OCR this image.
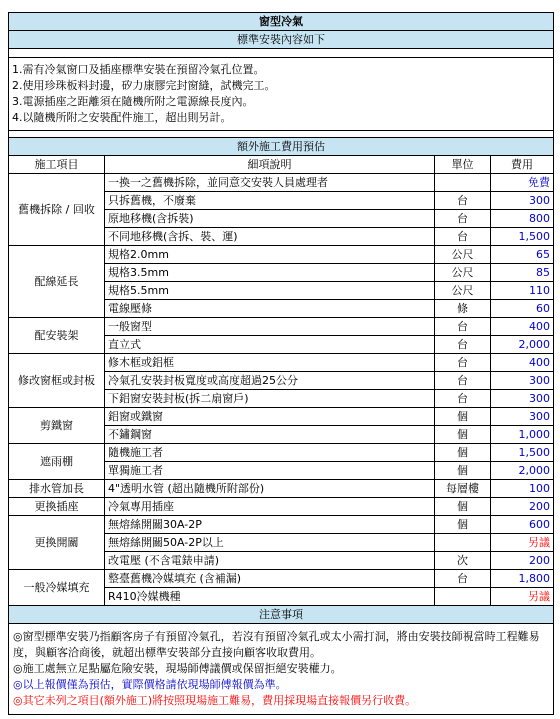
窗型冷氣			
標準安裝內容如下			

1.需有冷氣窗口及插座標準安裝在預留冷氣孔位置。
2.使用珍珠板料封邊，矽力康膠完封窗縫，試機完工。
3.電源插座之距離須在隨機所附之電源線長度內。
4.以隨機所附之安裝配件施工，超出則另計。			

額外施工費用預估			
施工項目	細項說明	單位	費用
舊機拆除 / 回收	一換一之舊機拆除，並同意交安裝人員處理者		免費
	只拆舊機，不廢棄	台	300
	原地移機(含拆裝)	台	800
	不同地移機(含拆、裝、運)	台	1,500
配線延長	規格2.0mm	公尺	65
	規格3.5mm	公尺	85
	規格5.5mm	公尺	110
	電線壓條	條	60
配安裝架	一般窗型	台	400
	直立式	台	2,000
修改窗框或封板	修木框或鋁框	台	400
	冷氣孔安裝封板寬度或高度超過25公分	台	300
	下鋁窗安裝封板(拆二扇窗戶)	台	300
剪鐵窗	鋁窗或鐵窗	個	300
	不鏽鋼窗	個	1,000
遮雨棚	隨機施工者	個	1,500
	單獨施工者	個	2,000
排水管加長	4"透明水管 (超出隨機所附部份)	每層樓	100
更換插座	冷氣專用插座	個	200
更換開關	無熔絲開關30A-2P	個	600
	無熔絲開關50A-2P以上		另議
	改電壓 (不含電錶申請)	次	200
一般冷媒填充	整臺舊機冷媒填充 (含補漏)	台	1,800
	R410冷媒機種		另議
注意事項			

◎窗型標準安裝乃指顧客房子有預留冷氣孔，若沒有預留冷氣孔或太小需打洞，將由安裝技師視當時工程難易度，與顧客洽商後，就超出標準安裝部分直接向顧客收取費用。
◎施工處無立足點屬危險安裝，現場師傅議價或保留拒絕安裝權力。
◎以上報價僅為預估，實際價格請依現場師傅報價為準。
◎其它未列之項目(額外施工)將按照現場施工難易，費用採現場直接報價另行收費。			
